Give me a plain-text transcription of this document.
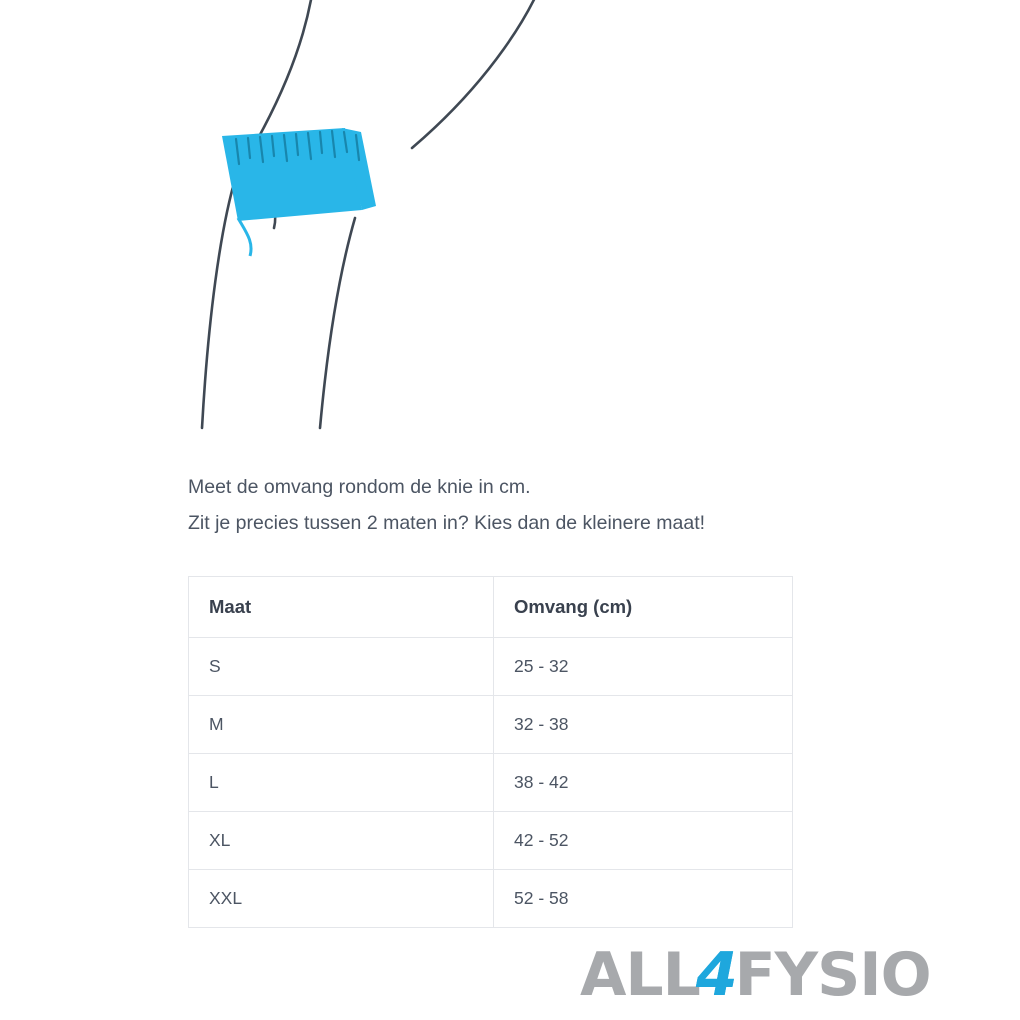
Meet de omvang rondom de knie in cm.

Zit je precies tussen 2 maten in? Kies dan de kleinere maat!

Maat	Omvang (cm)
S	25 - 32
M	32 - 38
L	38 - 42
XL	42 - 52
XXL	52 - 58
ALL
4
FYSIO
